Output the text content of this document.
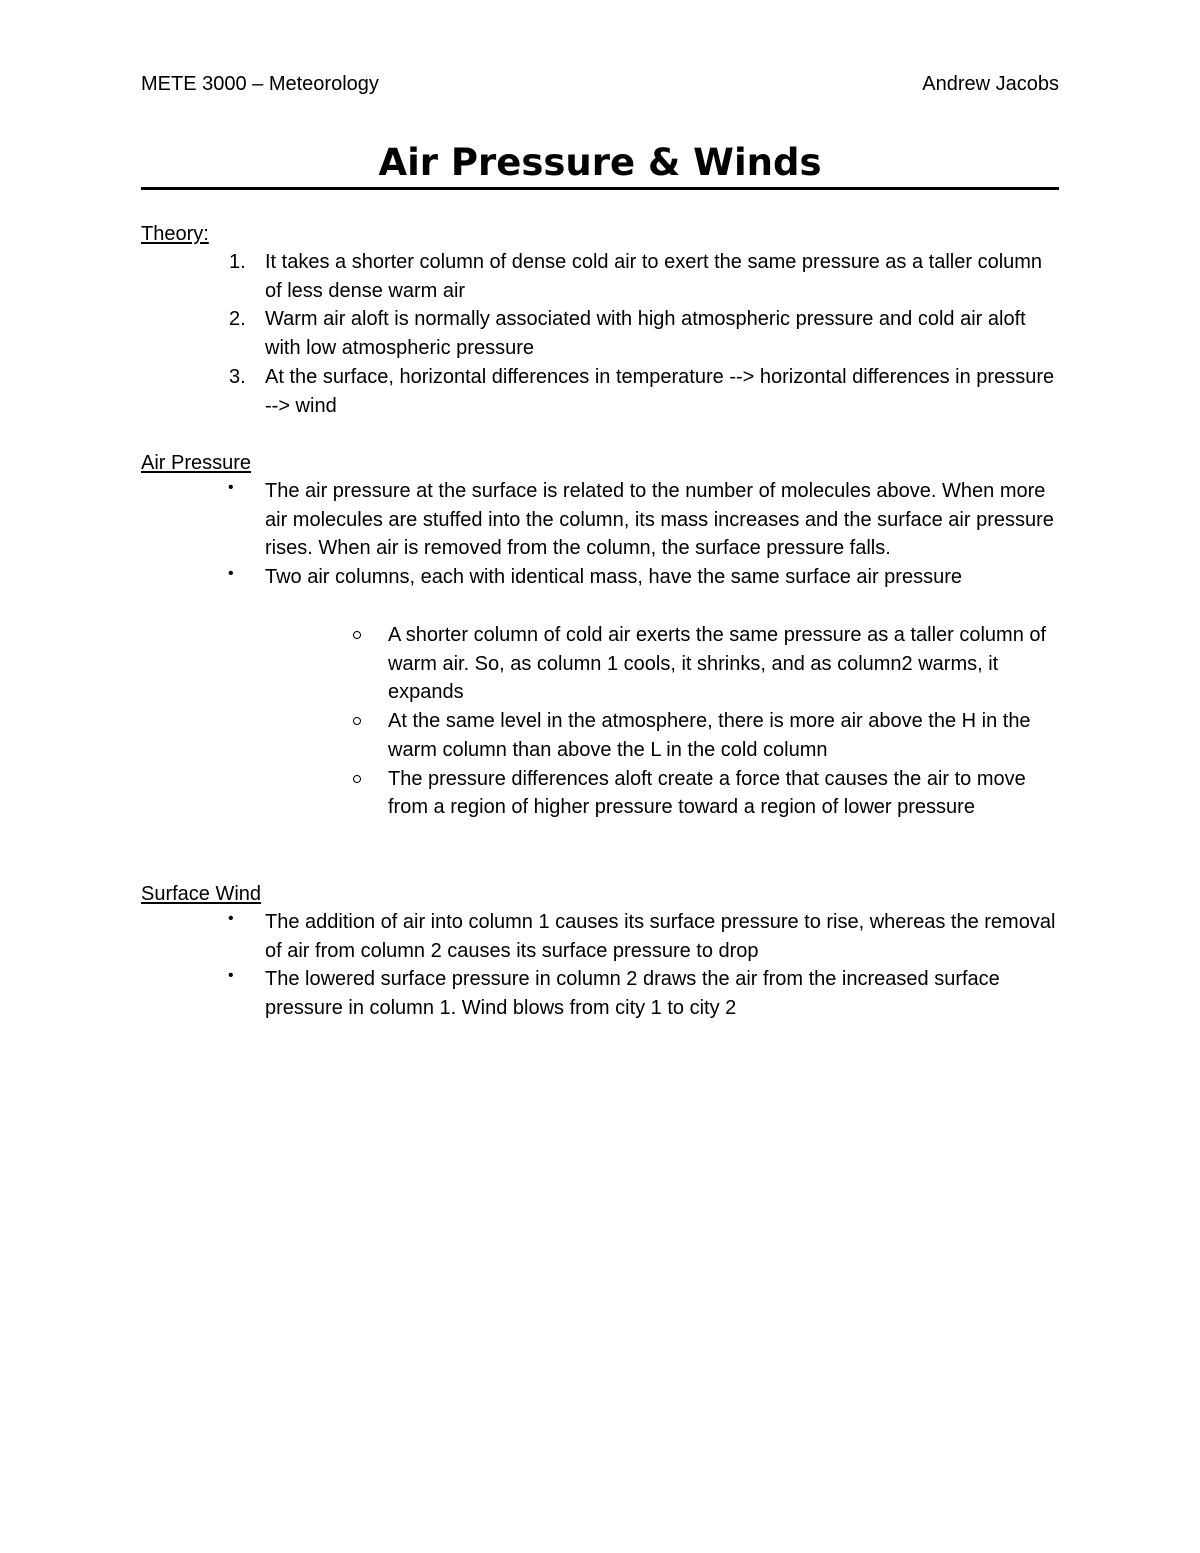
METE 3000 – Meteorology	Andrew Jacobs
Air Pressure & Winds
Theory:
1. It takes a shorter column of dense cold air to exert the same pressure as a taller column of less dense warm air
2. Warm air aloft is normally associated with high atmospheric pressure and cold air aloft with low atmospheric pressure
3. At the surface, horizontal differences in temperature --> horizontal differences in pressure --> wind
Air Pressure
• The air pressure at the surface is related to the number of molecules above. When more air molecules are stuffed into the column, its mass increases and the surface air pressure rises. When air is removed from the column, the surface pressure falls.
• Two air columns, each with identical mass, have the same surface air pressure
A shorter column of cold air exerts the same pressure as a taller column of warm air. So, as column 1 cools, it shrinks, and as column2 warms, it expands
At the same level in the atmosphere, there is more air above the H in the warm column than above the L in the cold column
The pressure differences aloft create a force that causes the air to move from a region of higher pressure toward a region of lower pressure
Surface Wind
• The addition of air into column 1 causes its surface pressure to rise, whereas the removal of air from column 2 causes its surface pressure to drop
• The lowered surface pressure in column 2 draws the air from the increased surface pressure in column 1. Wind blows from city 1 to city 2
